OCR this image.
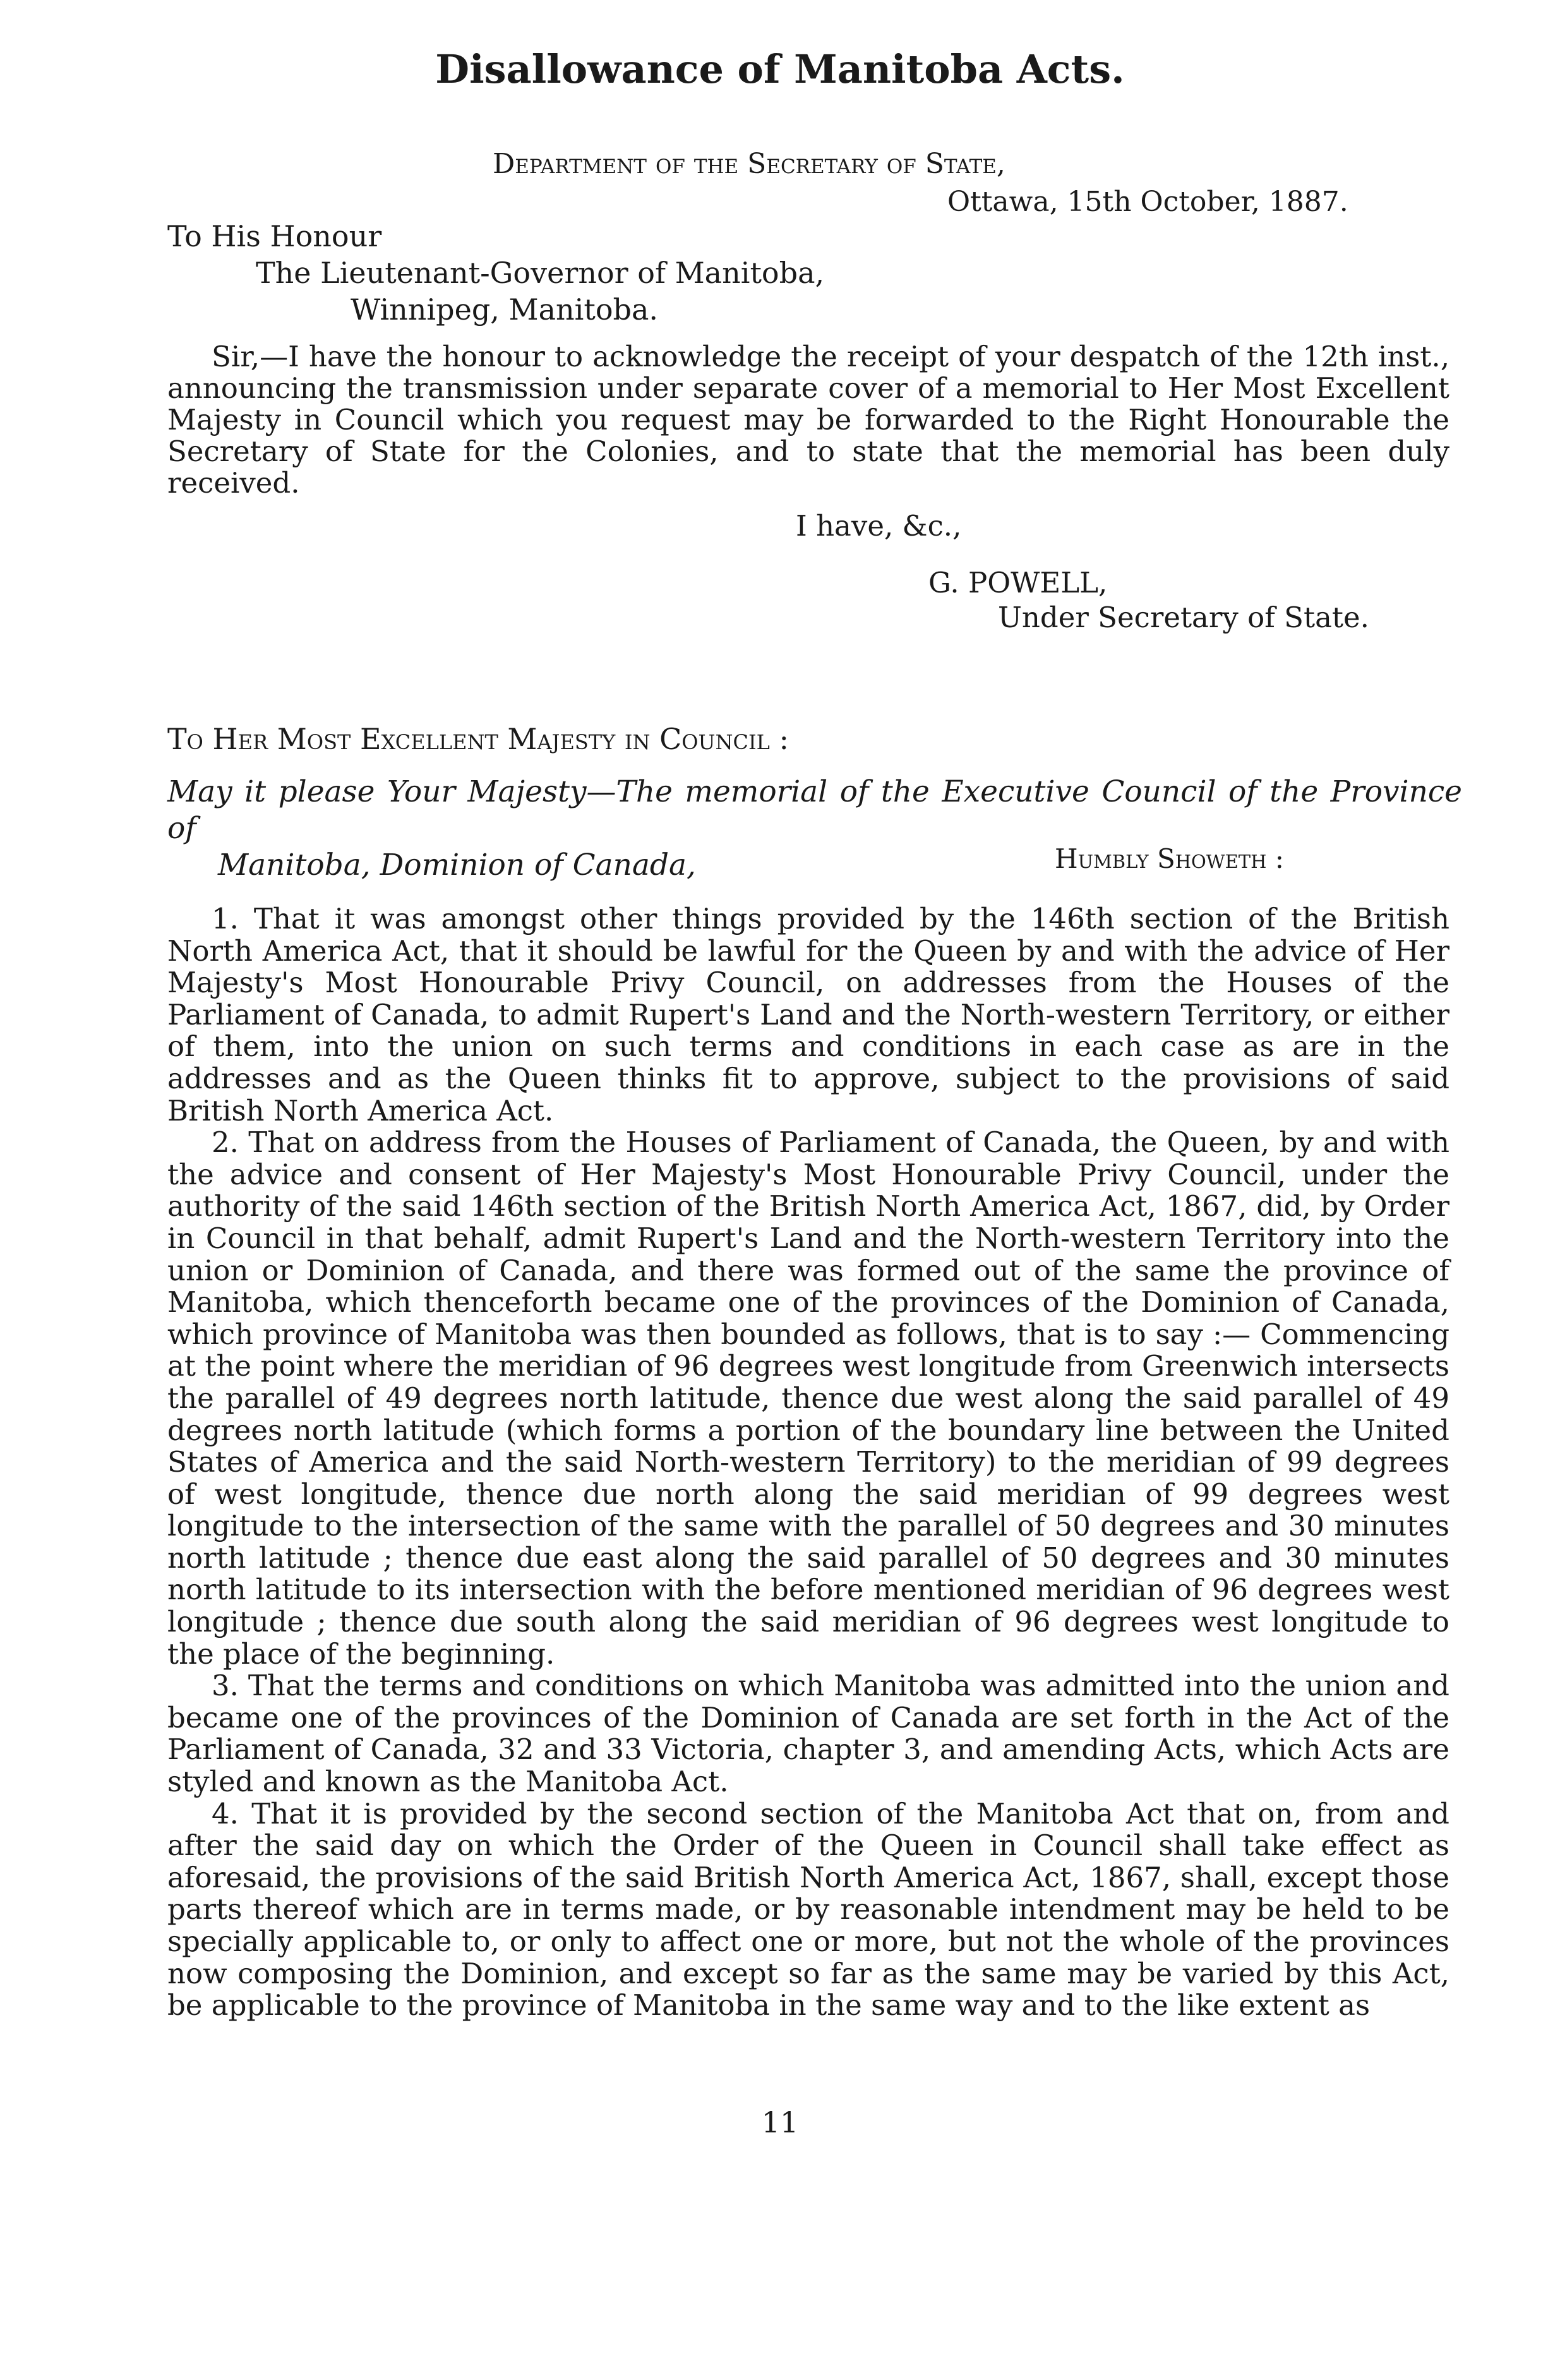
Disallowance of Manitoba Acts.
Department of the Secretary of State,
Ottawa, 15th October, 1887.
To His Honour
The Lieutenant-Governor of Manitoba,
Winnipeg, Manitoba.

Sir,—I have the honour to acknowledge the receipt of your despatch of the 12th inst., announcing the transmission under separate cover of a memorial to Her Most Excellent Majesty in Council which you request may be forwarded to the Right Honourable the Secretary of State for the Colonies, and to state that the memorial has been duly received.

I have, &c.,
G. POWELL,
Under Secretary of State.
To Her Most Excellent Majesty in Council :
May it please Your Majesty—The memorial of the Executive Council of the Province of
Manitoba, Dominion of Canada,	Humbly Showeth :

1. That it was amongst other things provided by the 146th section of the British North America Act, that it should be lawful for the Queen by and with the advice of Her Majesty's Most Honourable Privy Council, on addresses from the Houses of the Parliament of Canada, to admit Rupert's Land and the North-western Territory, or either of them, into the union on such terms and conditions in each case as are in the addresses and as the Queen thinks fit to approve, subject to the provisions of said British North America Act.

2. That on address from the Houses of Parliament of Canada, the Queen, by and with the advice and consent of Her Majesty's Most Honourable Privy Council, under the authority of the said 146th section of the British North America Act, 1867, did, by Order in Council in that behalf, admit Rupert's Land and the North-western Territory into the union or Dominion of Canada, and there was formed out of the same the province of Manitoba, which thenceforth became one of the provinces of the Dominion of Canada, which province of Manitoba was then bounded as follows, that is to say :— Commencing at the point where the meridian of 96 degrees west longitude from Greenwich intersects the parallel of 49 degrees north latitude, thence due west along the said parallel of 49 degrees north latitude (which forms a portion of the boundary line between the United States of America and the said North-western Territory) to the meridian of 99 degrees of west longitude, thence due north along the said meridian of 99 degrees west longitude to the intersection of the same with the parallel of 50 degrees and 30 minutes north latitude ; thence due east along the said parallel of 50 degrees and 30 minutes north latitude to its intersection with the before mentioned meridian of 96 degrees west longitude ; thence due south along the said meridian of 96 degrees west longitude to the place of the beginning.

3. That the terms and conditions on which Manitoba was admitted into the union and became one of the provinces of the Dominion of Canada are set forth in the Act of the Parliament of Canada, 32 and 33 Victoria, chapter 3, and amending Acts, which Acts are styled and known as the Manitoba Act.

4. That it is provided by the second section of the Manitoba Act that on, from and after the said day on which the Order of the Queen in Council shall take effect as aforesaid, the provisions of the said British North America Act, 1867, shall, except those parts thereof which are in terms made, or by reasonable intendment may be held to be specially applicable to, or only to affect one or more, but not the whole of the provinces now composing the Dominion, and except so far as the same may be varied by this Act, be applicable to the province of Manitoba in the same way and to the like extent as

11
